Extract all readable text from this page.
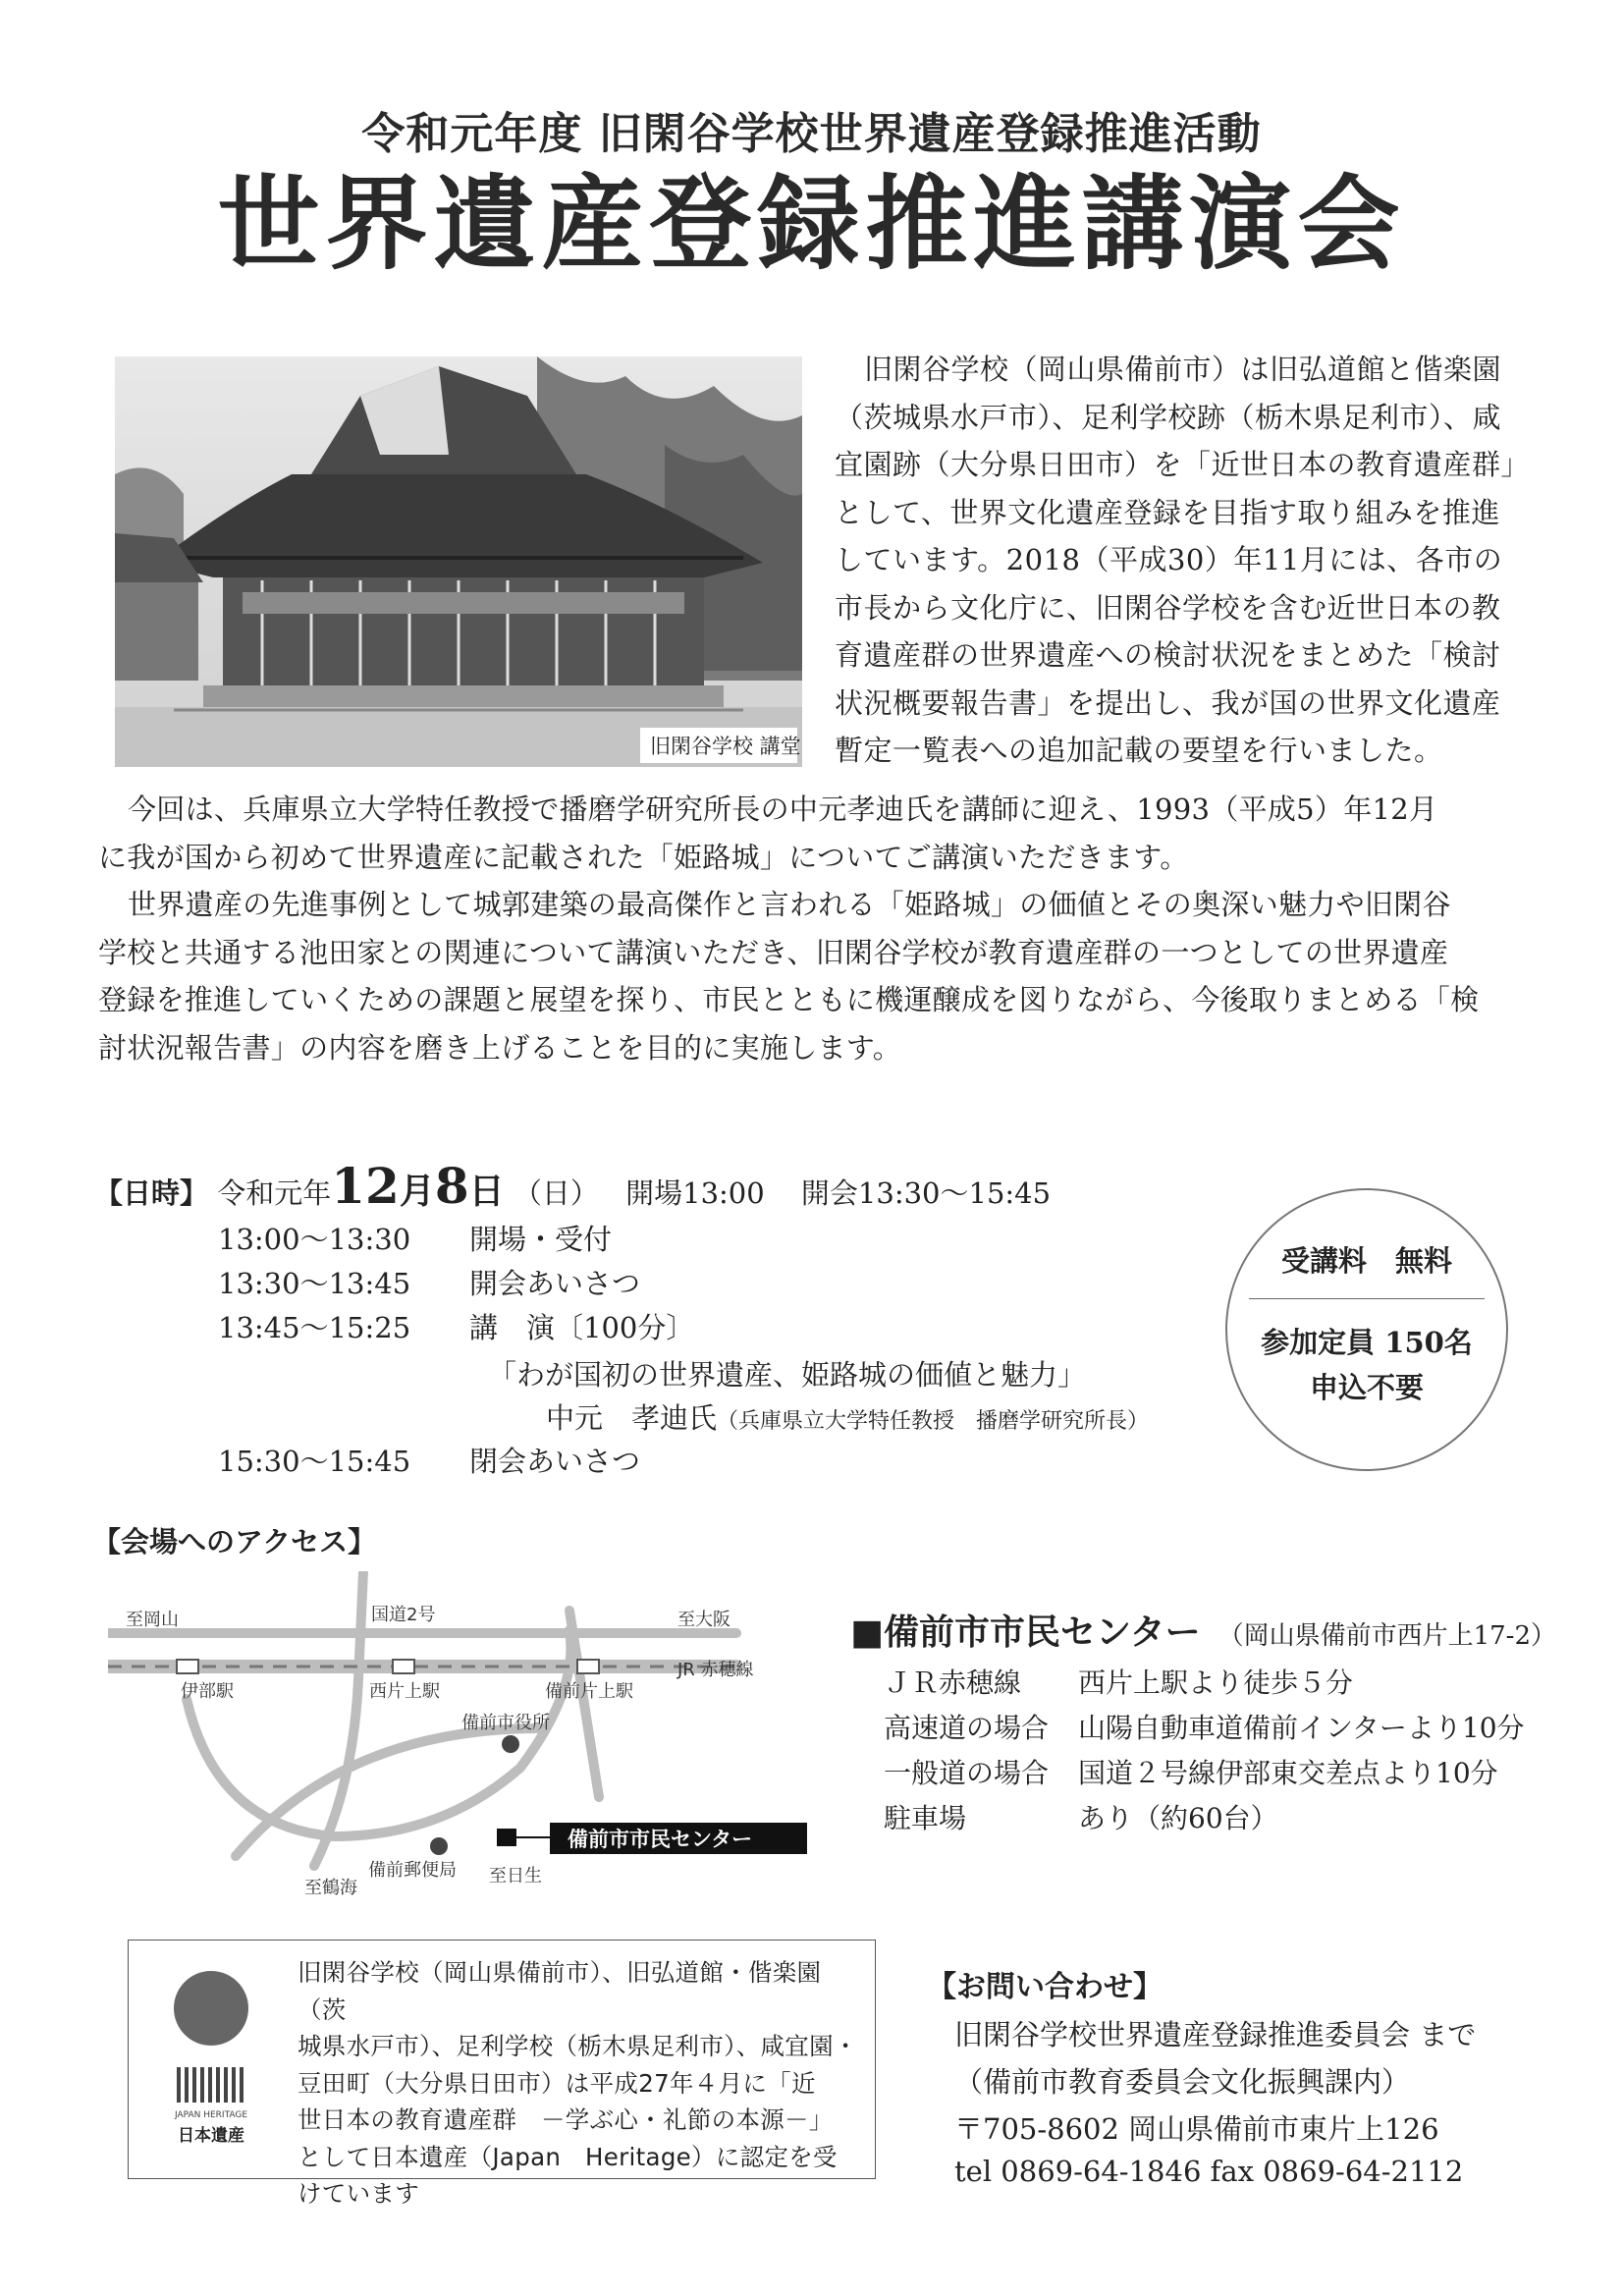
令和元年度 旧閑谷学校世界遺産登録推進活動
世界遺産登録推進講演会
旧閑谷学校 講堂
旧閑谷学校（岡山県備前市）は旧弘道館と偕楽園
（茨城県水戸市）、足利学校跡（栃木県足利市）、咸
宜園跡（大分県日田市）を「近世日本の教育遺産群」
として、世界文化遺産登録を目指す取り組みを推進
しています。2018（平成30）年11月には、各市の
市長から文化庁に、旧閑谷学校を含む近世日本の教
育遺産群の世界遺産への検討状況をまとめた「検討
状況概要報告書」を提出し、我が国の世界文化遺産
暫定一覧表への追加記載の要望を行いました。
今回は、兵庫県立大学特任教授で播磨学研究所長の中元孝迪氏を講師に迎え、1993（平成5）年12月
に我が国から初めて世界遺産に記載された「姫路城」についてご講演いただきます。
世界遺産の先進事例として城郭建築の最高傑作と言われる「姫路城」の価値とその奥深い魅力や旧閑谷
学校と共通する池田家との関連について講演いただき、旧閑谷学校が教育遺産群の一つとしての世界遺産
登録を推進していくための課題と展望を探り、市民とともに機運醸成を図りながら、今後取りまとめる「検
討状況報告書」の内容を磨き上げることを目的に実施します。
【日時】 令和元年12月8日 （日） 開場13:00 開会13:30〜15:45
13:00〜13:30 開場・受付
13:30〜13:45 開会あいさつ
13:45〜15:25 講　演〔100分〕
「わが国初の世界遺産、姫路城の価値と魅力」
中元　孝迪氏（兵庫県立大学特任教授　播磨学研究所長）
15:30〜15:45 閉会あいさつ
受講料　無料
参加定員 150名
申込不要
【会場へのアクセス】
至岡山	国道2号	至大阪
JR 赤穂線
伊部駅	西片上駅	備前片上駅
備前市役所
備前郵便局
至鶴海
至日生
備前市市民センター
■備前市市民センター （岡山県備前市西片上17-2）
ＪＲ赤穂線 西片上駅より徒歩５分
高速道の場合 山陽自動車道備前インターより10分
一般道の場合 国道２号線伊部東交差点より10分
駐車場	あり（約60台）
JAPAN HERITAGE
日本遺産
旧閑谷学校（岡山県備前市）、旧弘道館・偕楽園（茨
城県水戸市）、足利学校（栃木県足利市）、咸宜園・
豆田町（大分県日田市）は平成27年４月に「近
世日本の教育遺産群　－学ぶ心・礼節の本源－」
として日本遺産（Japan　Heritage）に認定を受
けています
【お問い合わせ】
旧閑谷学校世界遺産登録推進委員会 まで
（備前市教育委員会文化振興課内）
〒705-8602 岡山県備前市東片上126
tel 0869-64-1846 fax 0869-64-2112
